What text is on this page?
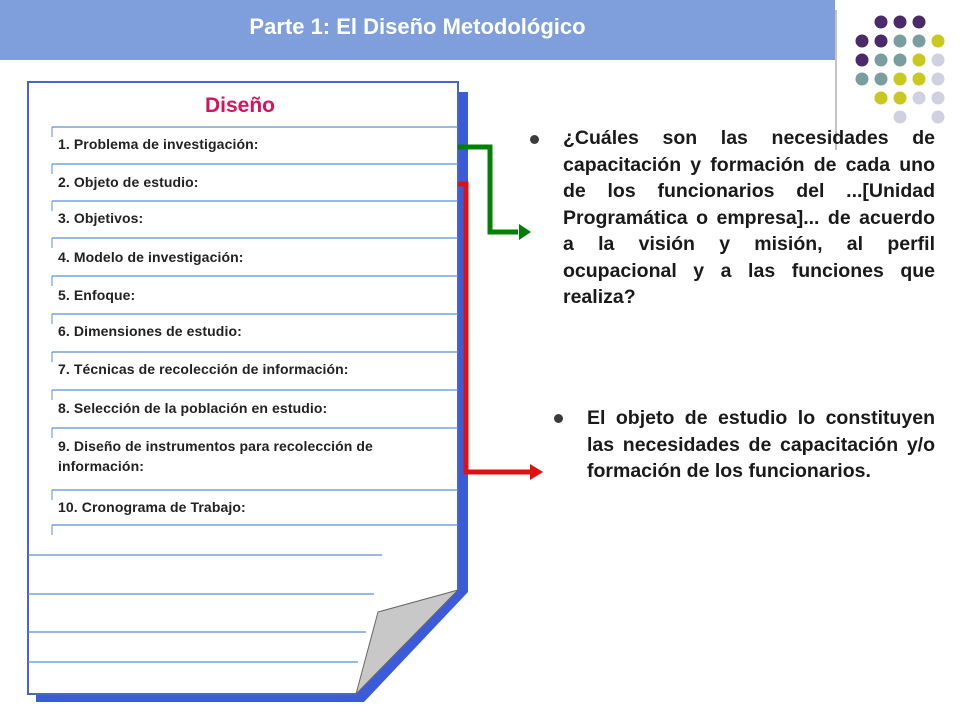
Parte 1: El Diseño Metodológico
Diseño
1. Problema de investigación:
2. Objeto de estudio:
3. Objetivos:
4. Modelo de investigación:
5. Enfoque:
6. Dimensiones de estudio:
7. Técnicas de recolección de información:
8. Selección de la población en estudio:
9. Diseño de instrumentos para recolección de información:
10. Cronograma de Trabajo:
¿Cuáles son las necesidades de capacitación y formación de cada uno de los funcionarios del ...[Unidad Programática o empresa]... de acuerdo a la visión y misión, al perfil ocupacional y a las funciones que realiza?
El objeto de estudio lo constituyen las necesidades de capacitación y/o formación de los funcionarios.
